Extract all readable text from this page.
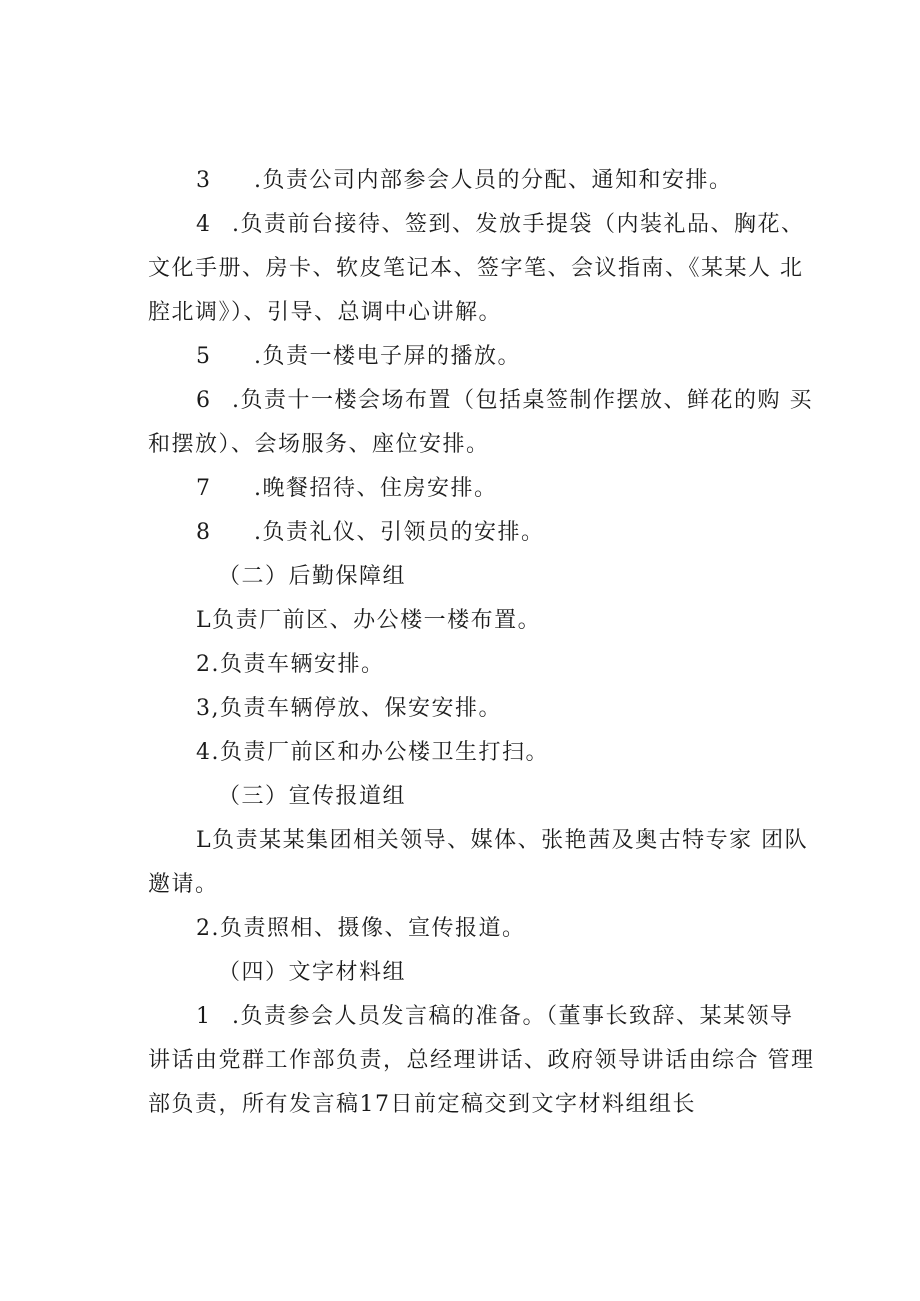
3 .负责公司内部参会人员的分配、通知和安排。
4 .负责前台接待、签到、发放手提袋（内装礼品、胸花、
文化手册、房卡、软皮笔记本、签字笔、会议指南、《某某人 北
腔北调》）、引导、总调中心讲解。
5 .负责一楼电子屏的播放。
6 .负责十一楼会场布置（包括桌签制作摆放、鲜花的购 买
和摆放）、会场服务、座位安排。
7 .晚餐招待、住房安排。
8 .负责礼仪、引领员的安排。
（二）后勤保障组
L负责厂前区、办公楼一楼布置。
2.负责车辆安排。
3,负责车辆停放、保安安排。
4.负责厂前区和办公楼卫生打扫。
（三）宣传报道组
L负责某某集团相关领导、媒体、张艳茜及奥古特专家 团队
邀请。
2.负责照相、摄像、宣传报道。
（四）文字材料组
1 .负责参会人员发言稿的准备。（董事长致辞、某某领导
讲话由党群工作部负责，总经理讲话、政府领导讲话由综合 管理
部负责，所有发言稿17日前定稿交到文字材料组组长
